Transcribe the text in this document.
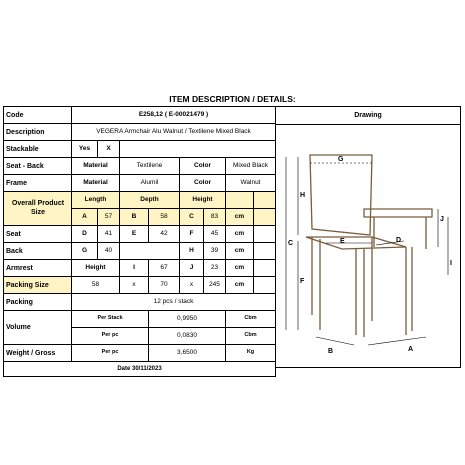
ITEM DESCRIPTION / DETAILS:
Code	E258,12 ( E-00021479 )							
Description	VEGERA Armchair Alu Walnut / Textilene Mixed Black							
Stackable	Yes	X						
Seat - Back	Material		Textilene		Color		Mixed Black	
Frame	Material		Alumil		Color		Walnut	
Overall Product Size	Length		Depth		Height			
	A	57	B	58	C	83	cm	
Seat	D	41	E	42	F	45	cm	
Back	G	40			H	39	cm	
Armrest	Height		I	67	J	23	cm	
Packing Size	58		x	70	x	245	cm	
Packing	12 pcs / stack							
Volume	Per Stack			0,9950			Cbm	
	Per pc			0,0830			Cbm	
Weight / Gross	Per pc			3,6500			Kg	
Date 30/11/2023								
Drawing
G
H
C
F
E	D
J
I
B	A
